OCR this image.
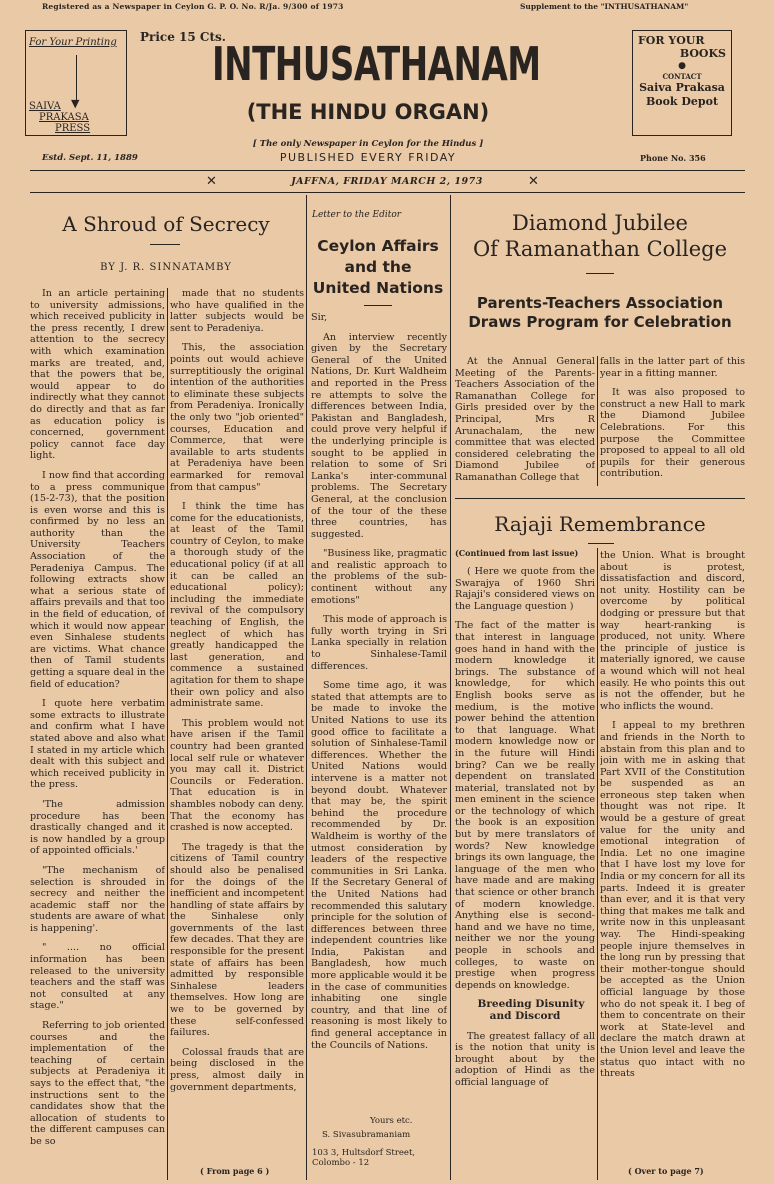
Registered as a Newspaper in Ceylon G. P. O. No. R/Ja. 9/300 of 1973	Supplement to the "INTHUSATHANAM"
For Your Printing
▼
SAIVA
PRAKASA
PRESS
Price 15 Cts.
INTHUSATHANAM
(THE HINDU ORGAN)
[ The only Newspaper in Ceylon for the Hindus ]
PUBLISHED EVERY FRIDAY
Estd. Sept. 11, 1889	Phone No. 356
FOR YOUR
BOOKS
●
CONTACT
Saiva Prakasa
Book Depot
✕	JAFFNA, FRIDAY MARCH 2, 1973	✕
A Shroud of Secrecy
BY J. R. SINNATAMBY

In an article pertaining to university admissions, which received publicity in the press recently, I drew attention to the secrecy with which examination marks are treated, and, that the powers that be, would appear to do indirectly what they cannot do directly and that as far as education policy is concerned, government policy cannot face day light.

I now find that according to a press communique (15-2-73), that the position is even worse and this is confirmed by no less an authority than the University Teachers Association of the Peradeniya Campus. The following extracts show what a serious state of affairs prevails and that too in the field of education, of which it would now appear even Sinhalese students are victims. What chance then of Tamil students getting a square deal in the field of education?

I quote here verbatim some extracts to illustrate and confirm what I have stated above and also what I stated in my article which dealt with this subject and which received publicity in the press.

'The admission procedure has been drastically changed and it is now handled by a group of appointed officials.'

"The mechanism of selection is shrouded in secrecy and neither the academic staff nor the students are aware of what is happening'.

" .... no official information has been released to the university teachers and the staff was not consulted at any stage."

Referring to job oriented courses and the implementation of the teaching of certain subjects at Peradeniya it says to the effect that, "the instructions sent to the candidates show that the allocation of students to the different campuses can be so

made that no students who have qualified in the latter subjects would be sent to Peradeniya.

This, the association points out would achieve surreptitiously the original intention of the authorities to eliminate these subjects from Peradeniya. Ironically the only two "job oriented" courses, Education and Commerce, that were available to arts students at Peradeniya have been earmarked for removal from that campus"

I think the time has come for the educationists, at least of the Tamil country of Ceylon, to make a thorough study of the educational policy (if at all it can be called an educational policy); including the immediate revival of the compulsory teaching of English, the neglect of which has greatly handicapped the last generation, and commence a sustained agitation for them to shape their own policy and also administrate same.

This problem would not have arisen if the Tamil country had been granted local self rule or whatever you may call it. District Councils or Federation. That education is in shambles nobody can deny. That the economy has crashed is now accepted.

The tragedy is that the citizens of Tamil country should also be penalised for the doings of the inefficient and incompetent handling of state affairs by the Sinhalese only governments of the last few decades. That they are responsible for the present state of affairs has been admitted by responsible Sinhalese leaders themselves. How long are we to be governed by these self-confessed failures.

Colossal frauds that are being disclosed in the press, almost daily in government departments,

( From page 6 )
Letter to the Editor
Ceylon Affairs
and the
United Nations

Sir,

An interview recently given by the Secretary General of the United Nations, Dr. Kurt Waldheim and reported in the Press re attempts to solve the differences between India, Pakistan and Bangladesh, could prove very helpful if the underlying principle is sought to be applied in relation to some of Sri Lanka's inter-communal problems. The Secretary General, at the conclusion of the tour of the these three countries, has suggested.

"Business like, pragmatic and realistic approach to the problems of the sub-continent without any emotions"

This mode of approach is fully worth trying in Sri Lanka specially in relation to Sinhalese-Tamil differences.

Some time ago, it was stated that attempts are to be made to invoke the United Nations to use its good office to facilitate a solution of Sinhalese-Tamil differences. Whether the United Nations would intervene is a matter not beyond doubt. Whatever that may be, the spirit behind the procedure recommended by Dr. Waldheim is worthy of the utmost consideration by leaders of the respective communities in Sri Lanka. If the Secretary General of the United Nations had recommended this salutary principle for the solution of differences between three independent countries like India, Pakistan and Bangladesh, how much more applicable would it be in the case of communities inhabiting one single country, and that line of reasoning is most likely to find general acceptance in the Councils of Nations.

Yours etc.
S. Sivasubramaniam
103 3, Hultsdorf Street,
Colombo - 12
Diamond Jubilee
Of Ramanathan College
Parents-Teachers Association
Draws Program for Celebration

At the Annual General Meeting of the Parents-Teachers Association of the Ramanathan College for Girls presided over by the Principal, Mrs R Arunachalam, the new committee that was elected considered celebrating the Diamond Jubilee of Ramanathan College that

falls in the latter part of this year in a fitting manner.

It was also proposed to construct a new Hall to mark the Diamond Jubilee Celebrations. For this purpose the Committee proposed to appeal to all old pupils for their generous contribution.

Rajaji Remembrance
(Continued from last issue)

( Here we quote from the Swarajya of 1960 Shri Rajaji's considered views on the Language question )

The fact of the matter is that interest in language goes hand in hand with the modern knowledge it brings. The substance of knowledge, for which English books serve as medium, is the motive power behind the attention to that language. What modern knowledge now or in the future will Hindi bring? Can we be really dependent on translated material, translated not by men eminent in the science or the technology of which the book is an exposition but by mere translators of words? New knowledge brings its own language, the language of the men who have made and are making that science or other branch of modern knowledge. Anything else is second-hand and we have no time, neither we nor the young people in schools and colleges, to waste on prestige when progress depends on knowledge.

Breeding Disunity and Discord

The greatest fallacy of all is the notion that unity is brought about by the adoption of Hindi as the official language of

the Union. What is brought about is protest, dissatisfaction and discord, not unity. Hostility can be overcome by political dodging or pressure but that way heart-ranking is produced, not unity. Where the principle of justice is materially ignored, we cause a wound which will not heal easily. He who points this out is not the offender, but he who inflicts the wound.

I appeal to my brethren and friends in the North to abstain from this plan and to join with me in asking that Part XVII of the Constitution be suspended as an erroneous step taken when thought was not ripe. It would be a gesture of great value for the unity and emotional integration of India. Let no one imagine that I have lost my love for India or my concern for all its parts. Indeed it is greater than ever, and it is that very thing that makes me talk and write now in this unpleasant way. The Hindi-speaking people injure themselves in the long run by pressing that their mother-tongue should be accepted as the Union official language by those who do not speak it. I beg of them to concentrate on their work at State-level and declare the match drawn at the Union level and leave the status quo intact with no threats

( Over to page 7)
